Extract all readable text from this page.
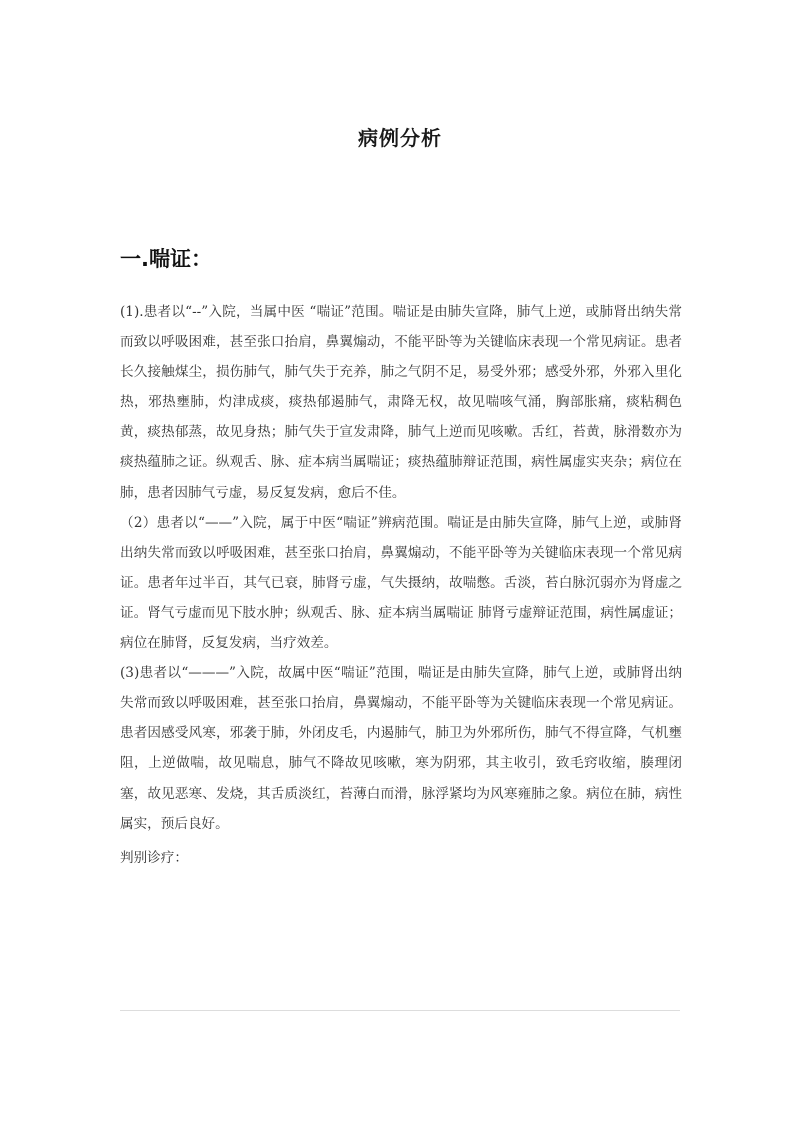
病例分析
一.喘证：

(1).患者以“--”入院，当属中医 “喘证”范围。喘证是由肺失宣降，肺气上逆，或肺肾出纳失常而致以呼吸困难，甚至张口抬肩，鼻翼煽动，不能平卧等为关键临床表现一个常见病证。患者长久接触煤尘，损伤肺气，肺气失于充养，肺之气阴不足，易受外邪；感受外邪，外邪入里化热，邪热壅肺，灼津成痰，痰热郁遏肺气，肃降无权，故见喘咳气涌，胸部胀痛，痰粘稠色黄，痰热郁蒸，故见身热；肺气失于宣发肃降，肺气上逆而见咳嗽。舌红，苔黄，脉滑数亦为痰热蕴肺之证。纵观舌、脉、症本病当属喘证；痰热蕴肺辩证范围，病性属虚实夹杂；病位在肺，患者因肺气亏虚，易反复发病，愈后不佳。

（2）患者以“——”入院，属于中医“喘证”辨病范围。喘证是由肺失宣降，肺气上逆，或肺肾出纳失常而致以呼吸困难，甚至张口抬肩，鼻翼煽动，不能平卧等为关键临床表现一个常见病证。患者年过半百，其气已衰，肺肾亏虚，气失摄纳，故喘憋。舌淡，苔白脉沉弱亦为肾虚之证。肾气亏虚而见下肢水肿；纵观舌、脉、症本病当属喘证 肺肾亏虚辩证范围，病性属虚证；病位在肺肾，反复发病，当疗效差。

(3)患者以“———”入院，故属中医“喘证”范围，喘证是由肺失宣降，肺气上逆，或肺肾出纳失常而致以呼吸困难，甚至张口抬肩，鼻翼煽动，不能平卧等为关键临床表现一个常见病证。患者因感受风寒，邪袭于肺，外闭皮毛，内遏肺气，肺卫为外邪所伤，肺气不得宣降，气机壅阻，上逆做喘，故见喘息，肺气不降故见咳嗽，寒为阴邪，其主收引，致毛窍收缩，腠理闭塞，故见恶寒、发烧，其舌质淡红，苔薄白而滑，脉浮紧均为风寒雍肺之象。病位在肺，病性属实，预后良好。

判别诊疗：
